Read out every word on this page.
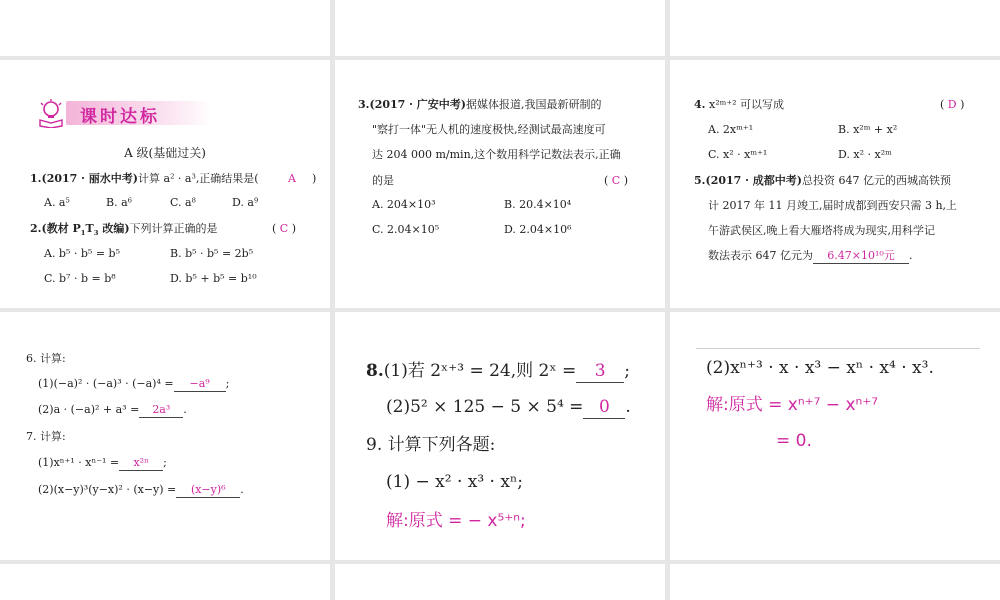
课时达标
A 级(基础过关)
1.(2017 · 丽水中考)计算 $a^2 \cdot a^3$,正确结果是(	A )
A. $a^5$	B. $a^6$	C. $a^8$	D. $a^9$
2.(教材 $P_1T_3$ 改编)下列计算正确的是	( C )
A. b⁵ · b⁵ = b⁵	B. b⁵ · b⁵ = 2b⁵
C. b⁷ · b = b⁸	D. b⁵ + b⁵ = b¹⁰
3.(2017 · 广安中考)据媒体报道,我国最新研制的
"察打一体"无人机的速度极快,经测试最高速度可
达 204 000 m/min,这个数用科学记数法表示,正确
的是	( C )
A. 204×10³	B. 20.4×10⁴
C. 2.04×10⁵	D. 2.04×10⁶
4. x²ᵐ⁺² 可以写成	( D )
A. 2xᵐ⁺¹	B. x²ᵐ + x²
C. x² · xᵐ⁺¹	D. x² · x²ᵐ
5.(2017 · 成都中考)总投资 647 亿元的西城高铁预
计 2017 年 11 月竣工,届时成都到西安只需 3 h,上
午游武侯区,晚上看大雁塔将成为现实,用科学记
数法表示 647 亿元为 6.47×10¹⁰元 .
6. 计算:
(1)(−a)² · (−a)³ · (−a)⁴ = −a⁹ ;
(2)a · (−a)² + a³ = 2a³ .
7. 计算:
(1)xⁿ⁺¹ · xⁿ⁻¹ = x²ⁿ ;
(2)(x−y)³(y−x)² · (x−y) = (x−y)⁶ .
8.(1)若 2ˣ⁺³ = 24,则 2ˣ = 3 ;
(2)5² × 125 − 5 × 5⁴ = 0 .
9. 计算下列各题:
(1) − x² · x³ · xⁿ;
解:原式 = − x⁵⁺ⁿ;
(2)xⁿ⁺³ · x · x³ − xⁿ · x⁴ · x³.
解:原式 = xⁿ⁺⁷ − xⁿ⁺⁷
= 0.
